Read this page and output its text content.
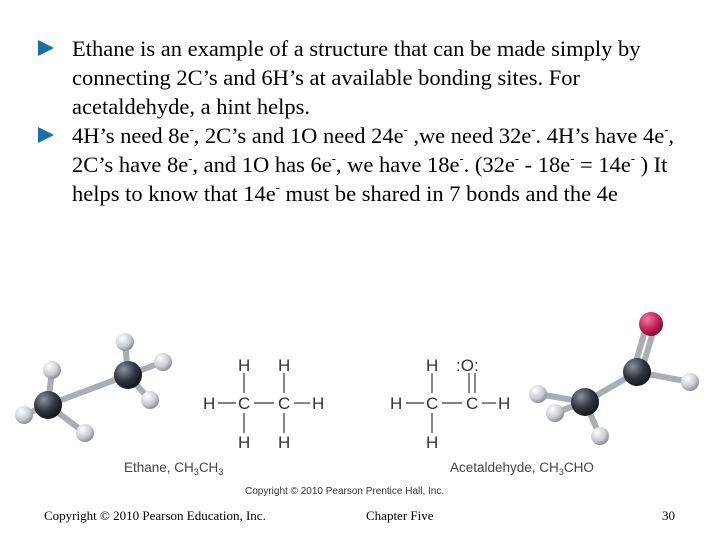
Ethane is an example of a structure that can be made simply by connecting 2C’s and 6H’s at available bonding sites. For acetaldehyde, a hint helps.

4H’s need 8e-, 2C’s and 1O need 24e- ,we need 32e-. 4H’s have 4e-, 2C’s have 8e-, and 1O has 6e-, we have 18e-. (32e- - 18e- = 14e- ) It helps to know that 14e- must be shared in 7 bonds and the 4e

H H
H C C H
H H
H :O:
H C C H
H
Ethane, $CH_3CH_3$	Acetaldehyde, $CH_3CHO$
Copyright © 2010 Pearson Prentice Hall, Inc.
Copyright © 2010 Pearson Education, Inc.	Chapter Five	30
